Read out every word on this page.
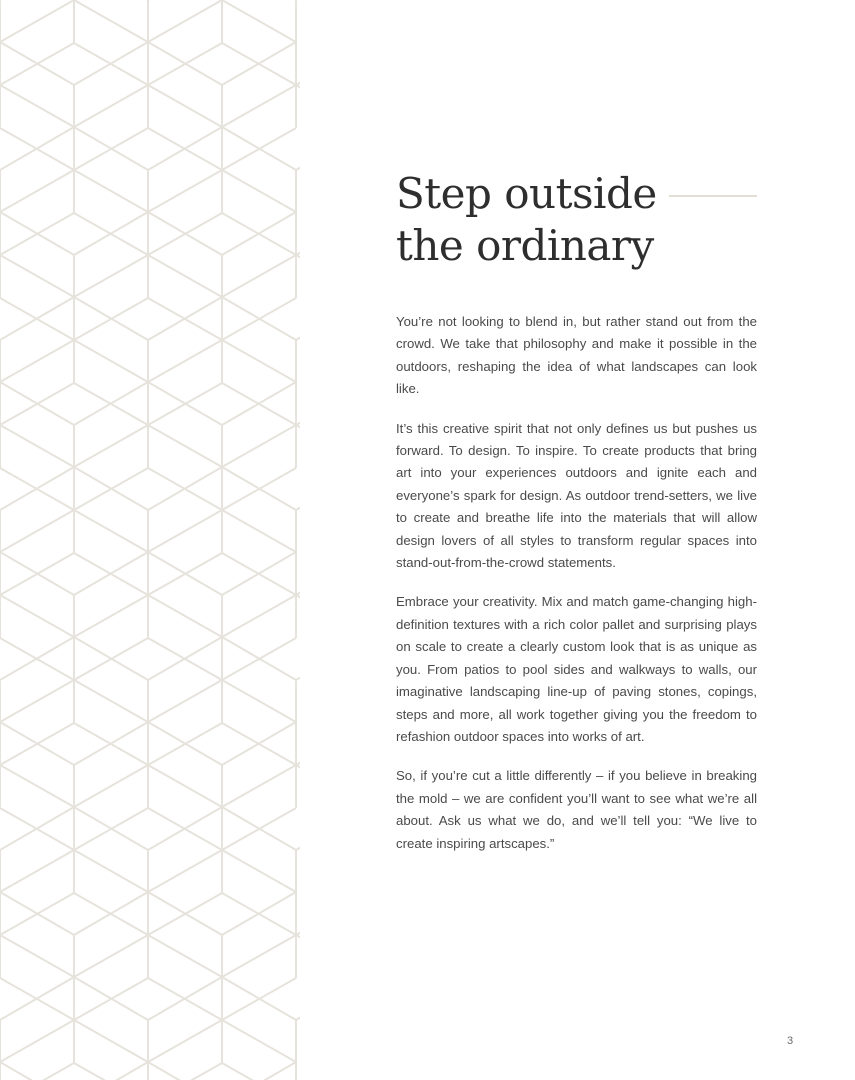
Step outside
the ordinary

You’re not looking to blend in, but rather stand out from the crowd. We take that philosophy and make it possible in the outdoors, reshaping the idea of what landscapes can look like.

It’s this creative spirit that not only defines us but pushes us forward. To design. To inspire. To create products that bring art into your experiences outdoors and ignite each and everyone’s spark for design. As outdoor trend-setters, we live to create and breathe life into the materials that will allow design lovers of all styles to transform regular spaces into stand-out-from-the-crowd statements.

Embrace your creativity. Mix and match game-changing high-definition textures with a rich color pallet and surprising plays on scale to create a clearly custom look that is as unique as you. From patios to pool sides and walkways to walls, our imaginative landscaping line-up of paving stones, copings, steps and more, all work together giving you the freedom to refashion outdoor spaces into works of art.

So, if you’re cut a little differently – if you believe in breaking the mold – we are confident you’ll want to see what we’re all about. Ask us what we do, and we’ll tell you: “We live to create inspiring artscapes.”

3
